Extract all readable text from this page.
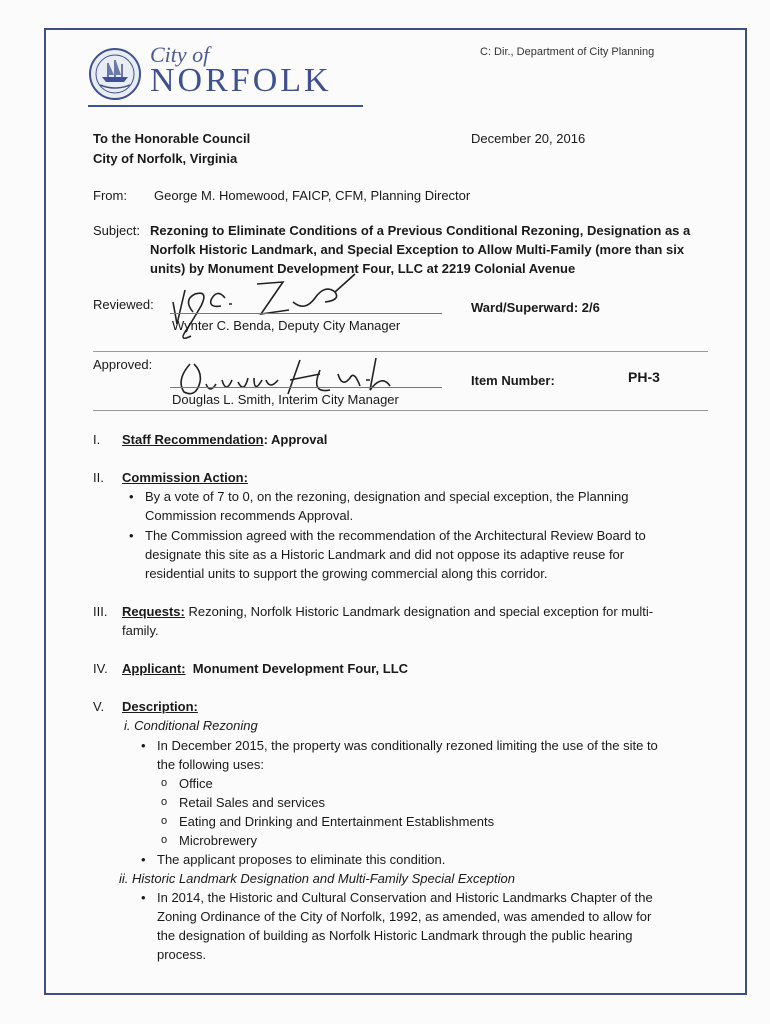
City of
NORFOLK
C: Dir., Department of City Planning
To the Honorable Council
City of Norfolk, Virginia
December 20, 2016
From: George M. Homewood, FAICP, CFM, Planning Director
Subject: Rezoning to Eliminate Conditions of a Previous Conditional Rezoning, Designation as a
Norfolk Historic Landmark, and Special Exception to Allow Multi-Family (more than six
units) by Monument Development Four, LLC at 2219 Colonial Avenue
Reviewed:
Wynter C. Benda, Deputy City Manager
Ward/Superward: 2/6
Approved:
Douglas L. Smith, Interim City Manager
Item Number:	PH-3
I. Staff Recommendation: Approval
II. Commission Action:
• By a vote of 7 to 0, on the rezoning, designation and special exception, the Planning
Commission recommends Approval.
• The Commission agreed with the recommendation of the Architectural Review Board to
designate this site as a Historic Landmark and did not oppose its adaptive reuse for
residential units to support the growing commercial along this corridor.
III. Requests: Rezoning, Norfolk Historic Landmark designation and special exception for multi-
family.
IV. Applicant: Monument Development Four, LLC
V. Description:
i. Conditional Rezoning
• In December 2015, the property was conditionally rezoned limiting the use of the site to
the following uses:
o Office
o Retail Sales and services
o Eating and Drinking and Entertainment Establishments
o Microbrewery
• The applicant proposes to eliminate this condition.
ii. Historic Landmark Designation and Multi-Family Special Exception
• In 2014, the Historic and Cultural Conservation and Historic Landmarks Chapter of the
Zoning Ordinance of the City of Norfolk, 1992, as amended, was amended to allow for
the designation of building as Norfolk Historic Landmark through the public hearing
process.
